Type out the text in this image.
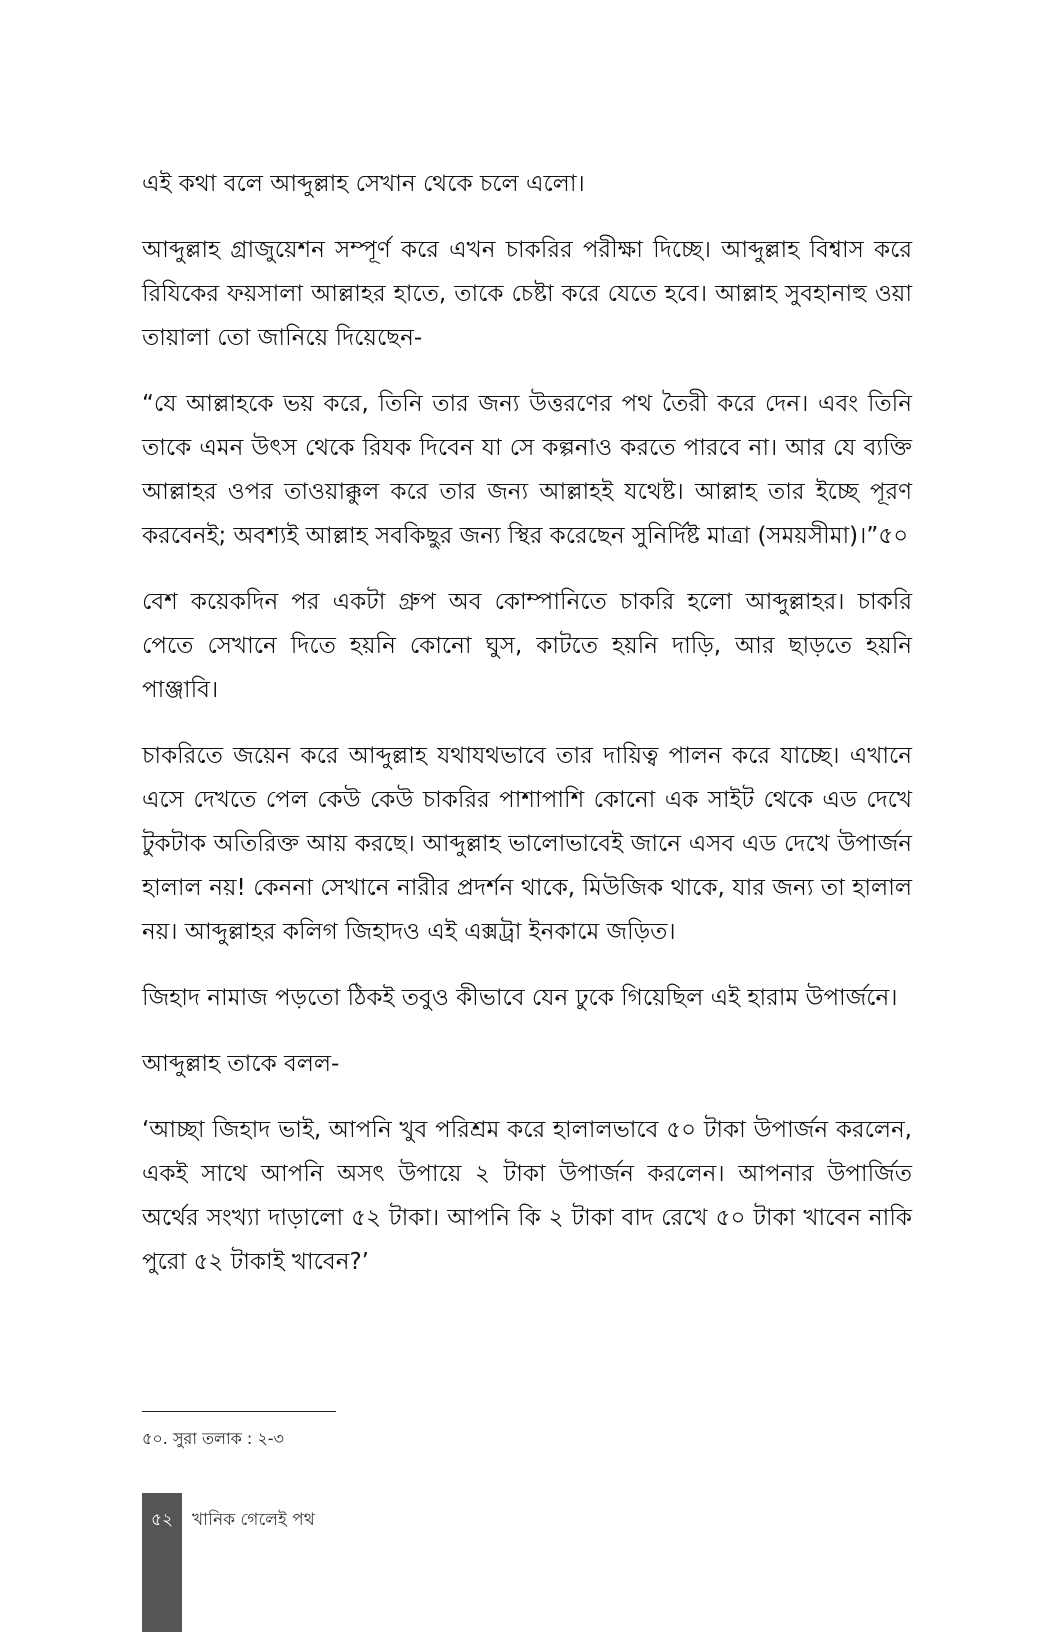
এই কথা বলে আব্দুল্লাহ সেখান থেকে চলে এলো।

আব্দুল্লাহ গ্রাজুয়েশন সম্পূর্ণ করে এখন চাকরির পরীক্ষা দিচ্ছে। আব্দুল্লাহ বিশ্বাস করে রিযিকের ফয়সালা আল্লাহর হাতে, তাকে চেষ্টা করে যেতে হবে। আল্লাহ সুবহানাহু ওয়া তায়ালা তো জানিয়ে দিয়েছেন-

“যে আল্লাহকে ভয় করে, তিনি তার জন্য উত্তরণের পথ তৈরী করে দেন। এবং তিনি তাকে এমন উৎস থেকে রিযক দিবেন যা সে কল্পনাও করতে পারবে না। আর যে ব্যক্তি আল্লাহর ওপর তাওয়াক্কুল করে তার জন্য আল্লাহই যথেষ্ট। আল্লাহ তার ইচ্ছে পূরণ করবেনই; অবশ্যই আল্লাহ সবকিছুর জন্য স্থির করেছেন সুনির্দিষ্ট মাত্রা (সময়সীমা)।”৫০

বেশ কয়েকদিন পর একটা গ্রুপ অব কোম্পানিতে চাকরি হলো আব্দুল্লাহর। চাকরি পেতে সেখানে দিতে হয়নি কোনো ঘুস, কাটতে হয়নি দাড়ি, আর ছাড়তে হয়নি পাঞ্জাবি।

চাকরিতে জয়েন করে আব্দুল্লাহ যথাযথভাবে তার দায়িত্ব পালন করে যাচ্ছে। এখানে এসে দেখতে পেল কেউ কেউ চাকরির পাশাপাশি কোনো এক সাইট থেকে এড দেখে টুকটাক অতিরিক্ত আয় করছে। আব্দুল্লাহ ভালোভাবেই জানে এসব এড দেখে উপার্জন হালাল নয়! কেননা সেখানে নারীর প্রদর্শন থাকে, মিউজিক থাকে, যার জন্য তা হালাল নয়। আব্দুল্লাহর কলিগ জিহাদও এই এক্সট্রা ইনকামে জড়িত।

জিহাদ নামাজ পড়তো ঠিকই তবুও কীভাবে যেন ঢুকে গিয়েছিল এই হারাম উপার্জনে।

আব্দুল্লাহ তাকে বলল-

‘আচ্ছা জিহাদ ভাই, আপনি খুব পরিশ্রম করে হালালভাবে ৫০ টাকা উপার্জন করলেন, একই সাথে আপনি অসৎ উপায়ে ২ টাকা উপার্জন করলেন। আপনার উপার্জিত অর্থের সংখ্যা দাড়ালো ৫২ টাকা। আপনি কি ২ টাকা বাদ রেখে ৫০ টাকা খাবেন নাকি পুরো ৫২ টাকাই খাবেন?’

৫০. সুরা তলাক : ২-৩
৫২	খানিক গেলেই পথ
